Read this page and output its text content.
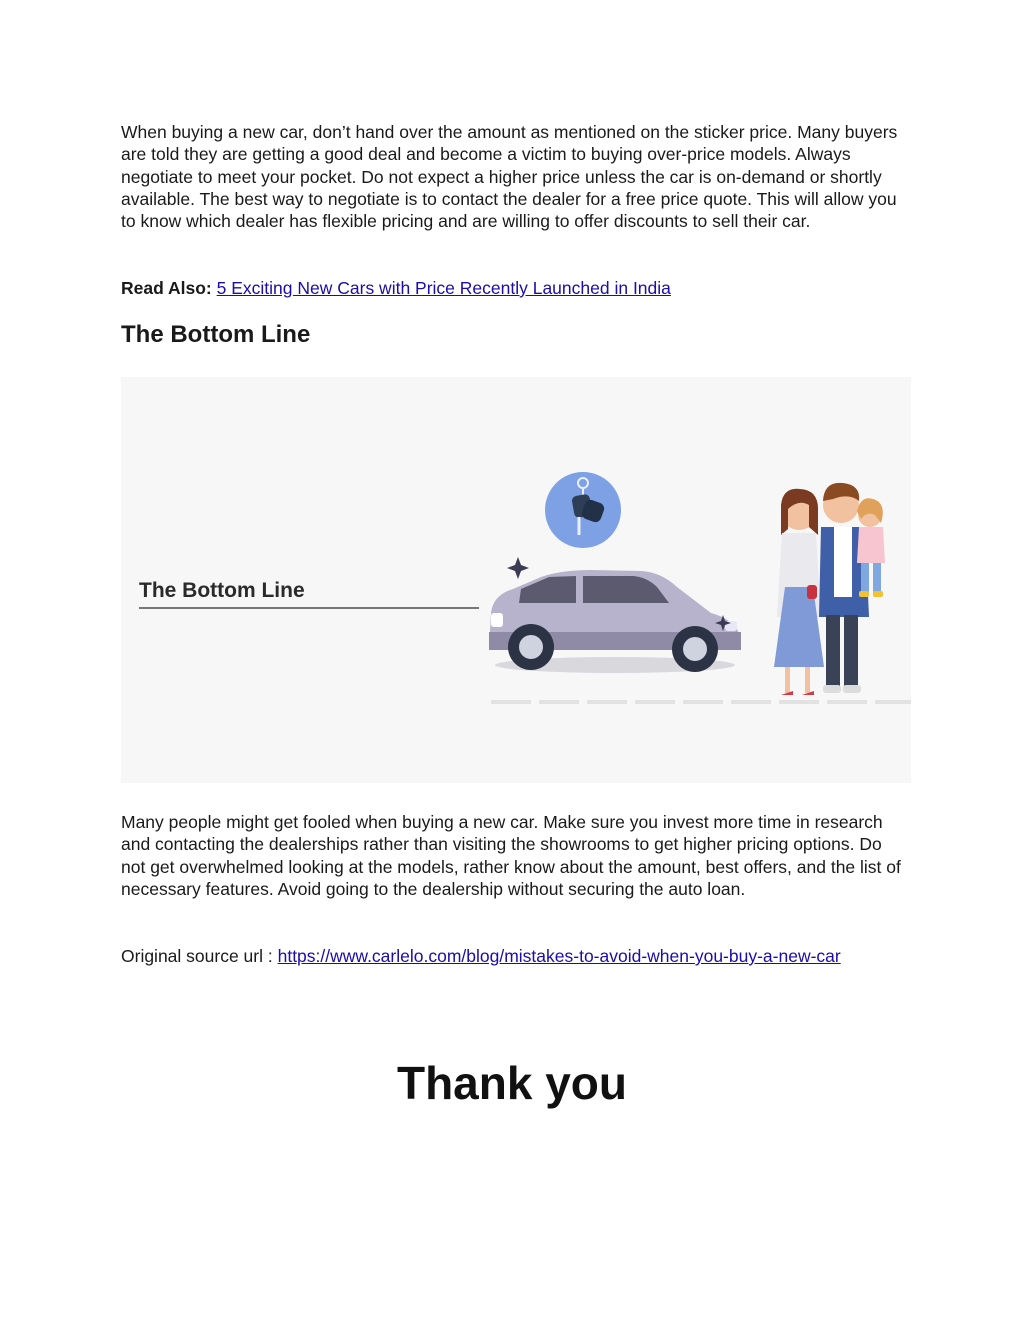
When buying a new car, don’t hand over the amount as mentioned on the sticker price. Many buyers are told they are getting a good deal and become a victim to buying over-price models. Always negotiate to meet your pocket. Do not expect a higher price unless the car is on-demand or shortly available. The best way to negotiate is to contact the dealer for a free price quote. This will allow you to know which dealer has flexible pricing and are willing to offer discounts to sell their car.

Read Also: 5 Exciting New Cars with Price Recently Launched in India
The Bottom Line
The Bottom Line

Many people might get fooled when buying a new car. Make sure you invest more time in research and contacting the dealerships rather than visiting the showrooms to get higher pricing options. Do not get overwhelmed looking at the models, rather know about the amount, best offers, and the list of necessary features. Avoid going to the dealership without securing the auto loan.

Original source url : https://www.carlelo.com/blog/mistakes-to-avoid-when-you-buy-a-new-car
Thank you
